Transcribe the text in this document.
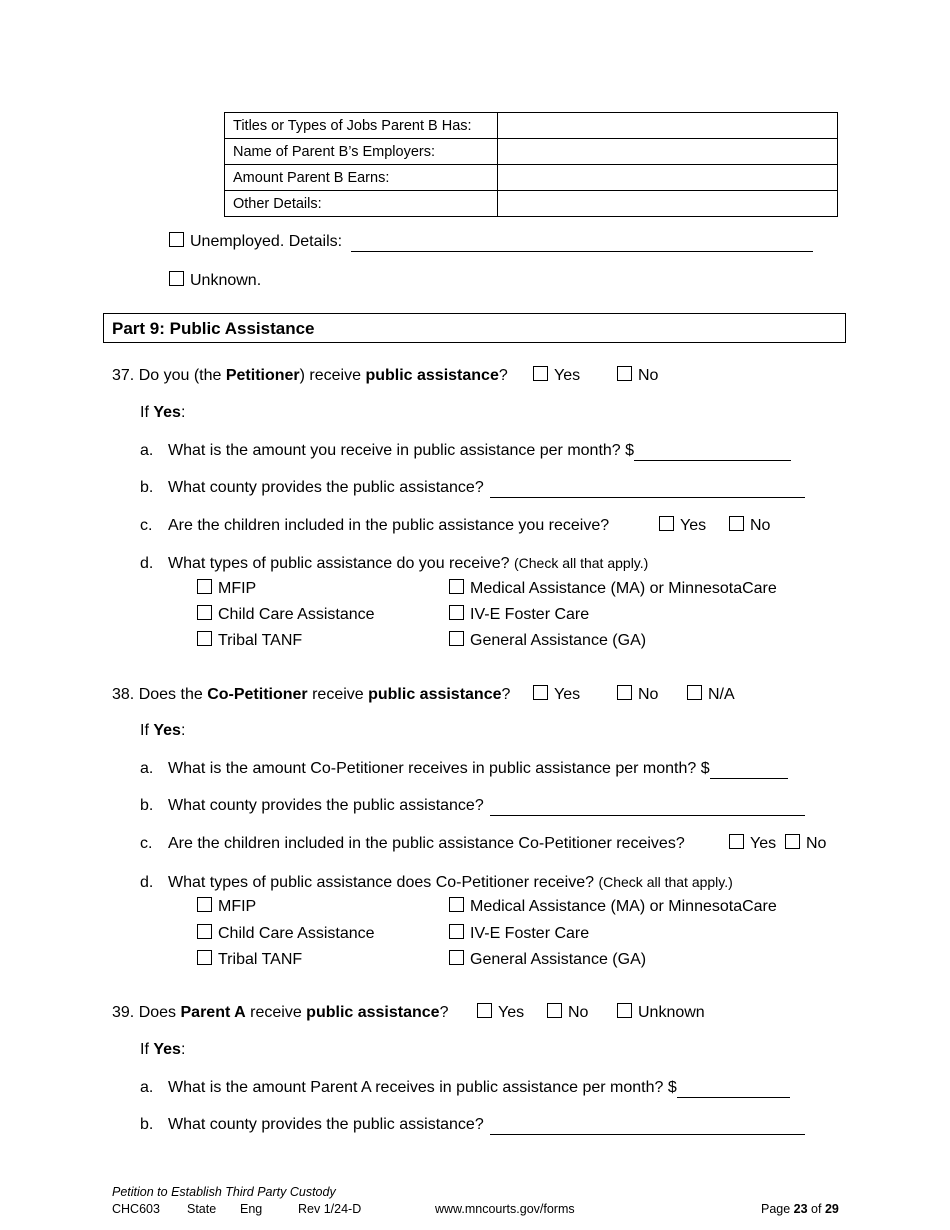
Titles or Types of Jobs Parent B Has:	
Name of Parent B’s Employers:	
Amount Parent B Earns:	
Other Details:	
Unemployed. Details:
Unknown.
Part 9: Public Assistance
37. Do you (the Petitioner) receive public assistance?	Yes	No
If Yes:
a. What is the amount you receive in public assistance per month? $
b. What county provides the public assistance?
c. Are the children included in the public assistance you receive?	Yes	No
d. What types of public assistance do you receive? (Check all that apply.)
MFIP	Medical Assistance (MA) or MinnesotaCare
Child Care Assistance	IV-E Foster Care
Tribal TANF	General Assistance (GA)
38. Does the Co-Petitioner receive public assistance?	Yes	No	N/A
If Yes:
a. What is the amount Co-Petitioner receives in public assistance per month? $
b. What county provides the public assistance?
c. Are the children included in the public assistance Co-Petitioner receives?	Yes	No
d. What types of public assistance does Co-Petitioner receive? (Check all that apply.)
MFIP	Medical Assistance (MA) or MinnesotaCare
Child Care Assistance	IV-E Foster Care
Tribal TANF	General Assistance (GA)
39. Does Parent A receive public assistance?	Yes	No	Unknown
If Yes:
a. What is the amount Parent A receives in public assistance per month? $
b. What county provides the public assistance?
Petition to Establish Third Party Custody
CHC603 State Eng	Rev 1/24-D	www.mncourts.gov/forms	Page 23 of 29
